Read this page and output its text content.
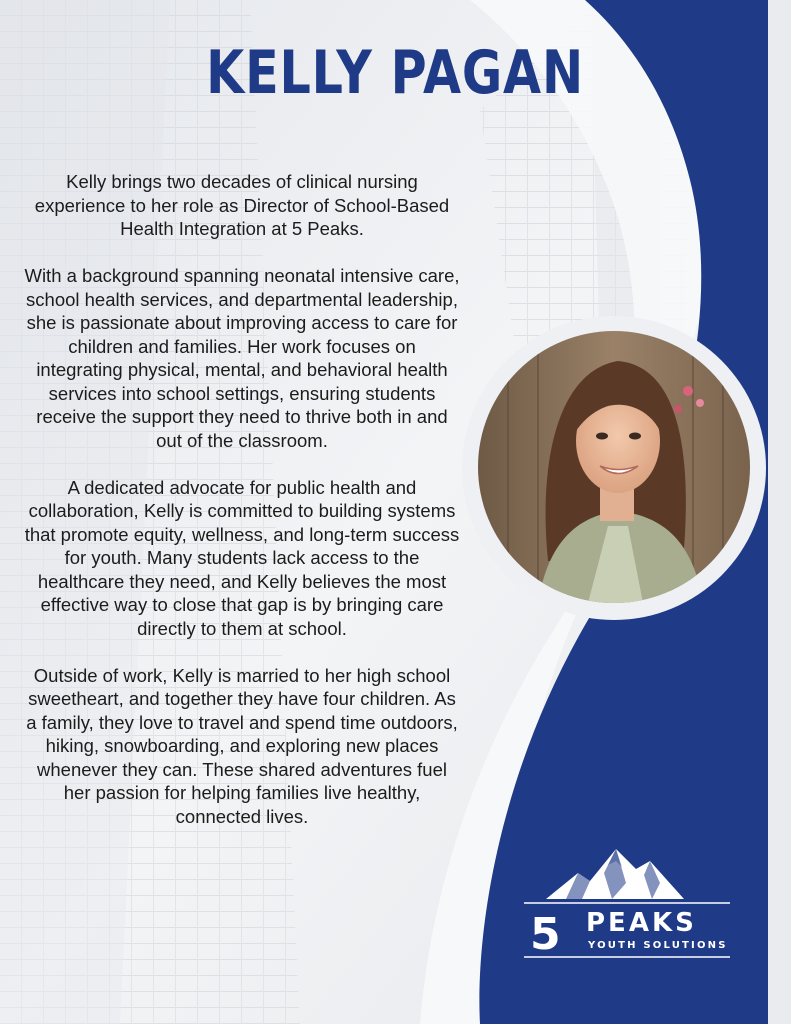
KELLY PAGAN

Kelly brings two decades of clinical nursing experience to her role as Director of School-Based Health Integration at 5 Peaks.

With a background spanning neonatal intensive care, school health services, and departmental leadership, she is passionate about improving access to care for children and families. Her work focuses on integrating physical, mental, and behavioral health services into school settings, ensuring students receive the support they need to thrive both in and out of the classroom.

A dedicated advocate for public health and collaboration, Kelly is committed to building systems that promote equity, wellness, and long-term success for youth. Many students lack access to the healthcare they need, and Kelly believes the most effective way to close that gap is by bringing care directly to them at school.

Outside of work, Kelly is married to her high school sweetheart, and together they have four children. As a family, they love to travel and spend time outdoors, hiking, snowboarding, and exploring new places whenever they can. These shared adventures fuel her passion for helping families live healthy, connected lives.

5 PEAKS
YOUTH SOLUTIONS
